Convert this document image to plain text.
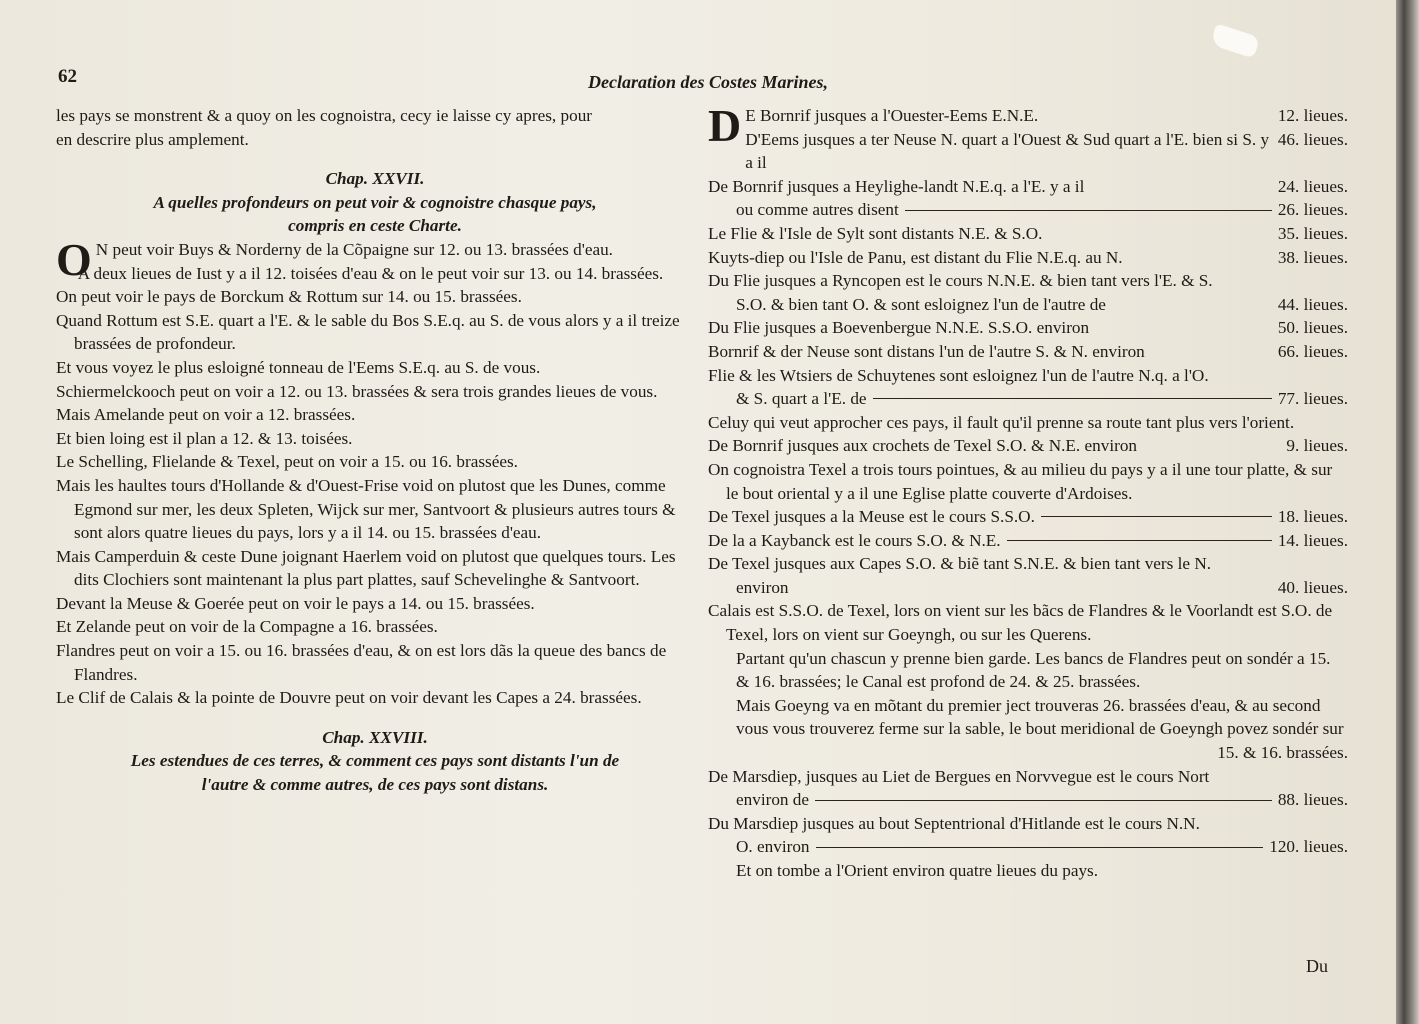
62	Declaration des Costes Marines,

les pays se monstrent & a quoy on les cognoistra, cecy ie laisse cy apres, pour

en descrire plus amplement.

Chap. XXVII.

A quelles profondeurs on peut voir & cognoistre chasque pays,

compris en ceste Charte.

O N peut voir Buys & Norderny de la Cõpaigne sur 12. ou 13. brassées d'eau.

A deux lieues de Iust y a il 12. toisées d'eau & on le peut voir sur 13. ou 14. brassées.

On peut voir le pays de Borckum & Rottum sur 14. ou 15. brassées.

Quand Rottum est S.E. quart a l'E. & le sable du Bos S.E.q. au S. de vous alors y a il treize brassées de profondeur.

Et vous voyez le plus esloigné tonneau de l'Eems S.E.q. au S. de vous.

Schiermelckooch peut on voir a 12. ou 13. brassées & sera trois grandes lieues de vous.

Mais Amelande peut on voir a 12. brassées.

Et bien loing est il plan a 12. & 13. toisées.

Le Schelling, Flielande & Texel, peut on voir a 15. ou 16. brassées.

Mais les haultes tours d'Hollande & d'Ouest-Frise void on plutost que les Dunes, comme Egmond sur mer, les deux Spleten, Wijck sur mer, Santvoort & plusieurs autres tours & sont alors quatre lieues du pays, lors y a il 14. ou 15. brassées d'eau.

Mais Camperduin & ceste Dune joignant Haerlem void on plutost que quelques tours. Les dits Clochiers sont maintenant la plus part plattes, sauf Schevelinghe & Santvoort.

Devant la Meuse & Goerée peut on voir le pays a 14. ou 15. brassées.

Et Zelande peut on voir de la Compagne a 16. brassées.

Flandres peut on voir a 15. ou 16. brassées d'eau, & on est lors dãs la queue des bancs de Flandres.

Le Clif de Calais & la pointe de Douvre peut on voir devant les Capes a 24. brassées.

Chap. XXVIII.

Les estendues de ces terres, & comment ces pays sont distants l'un de

l'autre & comme autres, de ces pays sont distans.

D E Bornrif jusques a l'Ouester-Eems E.N.E.	12. lieues.
D'Eems jusques a ter Neuse N. quart a l'Ouest & Sud quart a l'E. bien si S. y a il
46. lieues.
De Bornrif jusques a Heylighe-landt N.E.q. a l'E. y a il	24. lieues.
ou comme autres disent	26. lieues.
Le Flie & l'Isle de Sylt sont distants N.E. & S.O.	35. lieues.
Kuyts-diep ou l'Isle de Panu, est distant du Flie N.E.q. au N.	38. lieues.

Du Flie jusques a Ryncopen est le cours N.N.E. & bien tant vers l'E. & S.

S.O. & bien tant O. & sont esloignez l'un de l'autre de	44. lieues.
Du Flie jusques a Boevenbergue N.N.E. S.S.O. environ	50. lieues.
Bornrif & der Neuse sont distans l'un de l'autre S. & N. environ	66. lieues.

Flie & les Wtsiers de Schuytenes sont esloignez l'un de l'autre N.q. a l'O.

& S. quart a l'E. de	77. lieues.

Celuy qui veut approcher ces pays, il fault qu'il prenne sa route tant plus vers l'orient.

De Bornrif jusques aux crochets de Texel S.O. & N.E. environ	9. lieues.

On cognoistra Texel a trois tours pointues, & au milieu du pays y a il une tour platte, & sur le bout oriental y a il une Eglise platte couverte d'Ardoises.

De Texel jusques a la Meuse est le cours S.S.O.	18. lieues.
De la a Kaybanck est le cours S.O. & N.E.	14. lieues.

De Texel jusques aux Capes S.O. & biẽ tant S.N.E. & bien tant vers le N.

environ	40. lieues.

Calais est S.S.O. de Texel, lors on vient sur les bãcs de Flandres & le Voorlandt est S.O. de Texel, lors on vient sur Goeyngh, ou sur les Querens.

Partant qu'un chascun y prenne bien garde. Les bancs de Flandres peut on sondér a 15. & 16. brassées; le Canal est profond de 24. & 25. brassées.

Mais Goeyng va en mõtant du premier ject trouveras 26. brassées d'eau, & au second vous vous trouverez ferme sur la sable, le bout meridional de Goeyngh povez sondér sur
15. & 16. brassées.

De Marsdiep, jusques au Liet de Bergues en Norvvegue est le cours Nort

environ de	88. lieues.

Du Marsdiep jusques au bout Septentrional d'Hitlande est le cours N.N.

O. environ	120. lieues.

Et on tombe a l'Orient environ quatre lieues du pays.

Du
